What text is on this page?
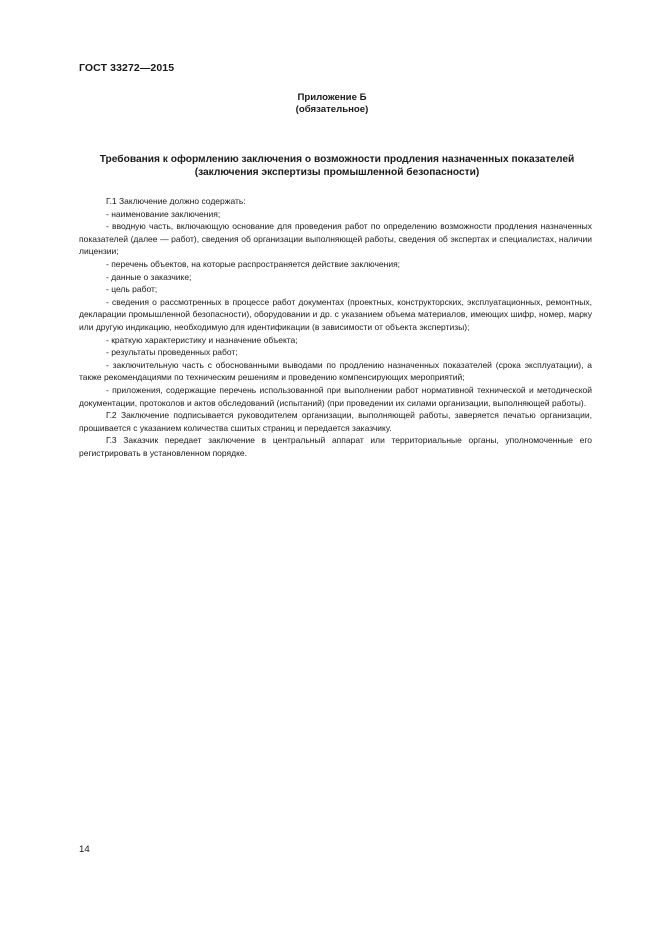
ГОСТ 33272—2015
Приложение Б
(обязательное)
Требования к оформлению заключения о возможности продления назначенных показателей
(заключения экспертизы промышленной безопасности)

Г.1 Заключение должно содержать:

- наименование заключения;

- вводную часть, включающую основание для проведения работ по определению возможности продления назначенных показателей (далее — работ), сведения об организации выполняющей работы, сведения об экспертах и специалистах, наличии лицензии;

- перечень объектов, на которые распространяется действие заключения;

- данные о заказчике;

- цель работ;

- сведения о рассмотренных в процессе работ документах (проектных, конструкторских, эксплуатационных, ремонтных, декларации промышленной безопасности), оборудовании и др. с указанием объема материалов, имеющих шифр, номер, марку или другую индикацию, необходимую для идентификации (в зависимости от объекта экспертизы);

- краткую характеристику и назначение объекта;

- результаты проведенных работ;

- заключительную часть с обоснованными выводами по продлению назначенных показателей (срока эксплуатации), а также рекомендациями по техническим решениям и проведению компенсирующих мероприятий;

- приложения, содержащие перечень использованной при выполнении работ нормативной технической и методической документации, протоколов и актов обследований (испытаний) (при проведении их силами организации, выполняющей работы).

Г.2 Заключение подписывается руководителем организации, выполняющей работы, заверяется печатью организации, прошивается с указанием количества сшитых страниц и передается заказчику.

Г.3 Заказчик передает заключение в центральный аппарат или территориальные органы, уполномоченные его регистрировать в установленном порядке.

14
